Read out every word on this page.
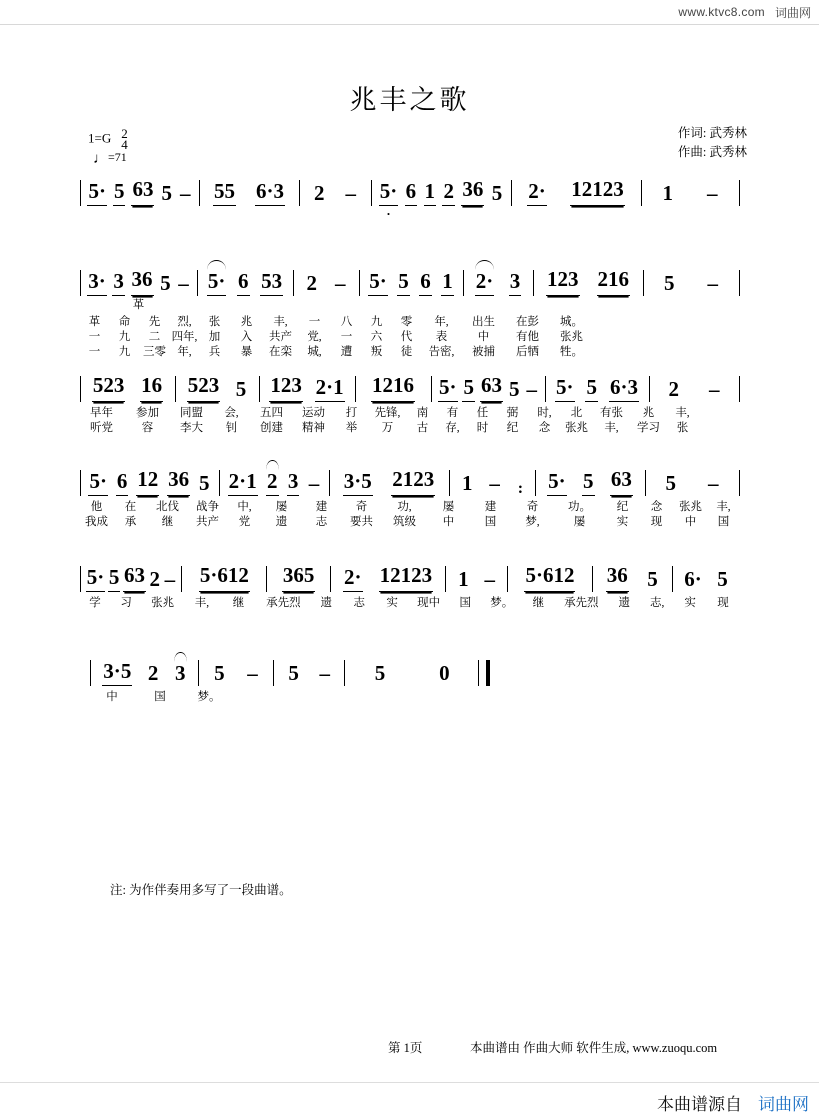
www.ktvc8.com 词曲网
兆丰之歌
1=G 2
4
♩=71
作词: 武秀林
作曲: 武秀林
5· 5 63 5 – 55 6·3 2 – 5·
.
6 1 2 36 5 2· 12123 1 –
3· 3 36 5 – 5· 6 53 2 – 5· 5 6 1 2· 3 123 216 5 –
革
革	命	先	烈,	张	兆	丰,	一	八	九	零	年,	出生	在彭	城。
一	九	二 四年, 加	入	共产	党,	一	六	代	表	中	有他	张兆
一	九	三零 年,	兵	暴	在栾	城,	遭	叛	徒	告密,	被捕	后牺	牲。
523 16 523 5 123 2·1 1216 5· 5 63 5 – 5· 5 6·3 2 –
早年	参加	同盟	会,	五四	运动	打	先锋,	南	有	任	弼	时,	北	有张	兆	丰,
听党	容	李大	钊	创建	精神	举	万	古	存,	时	纪	念	张兆	丰,	学习	张
5· 6 12 36 5 2·1 2 3 – 3·5 2123 1 – : 5· 5 63 5 –
他	在	北伐	战争	中,	屡	建	奇	功,	屡	建	奇	功。	纪	念	张兆	丰,
我成	承	继	共产	党	遗	志	要共	筑级	中	国	梦,	屡	实	现	中	国
5· 5 63 2 – 5·612 365 2· 12123 1 – 5·612 36 5 6· 5
学	习	张兆	丰,	继	承先烈	遗	志	实	现中	国	梦。	继	承先烈	遗	志,	实	现
3·5 2 3 5 – 5 – 5	0
中	国	梦。
注: 为作伴奏用多写了一段曲谱。
第 1页	本曲谱由 作曲大师 软件生成, www.zuoqu.com
本曲谱源自 词曲网
